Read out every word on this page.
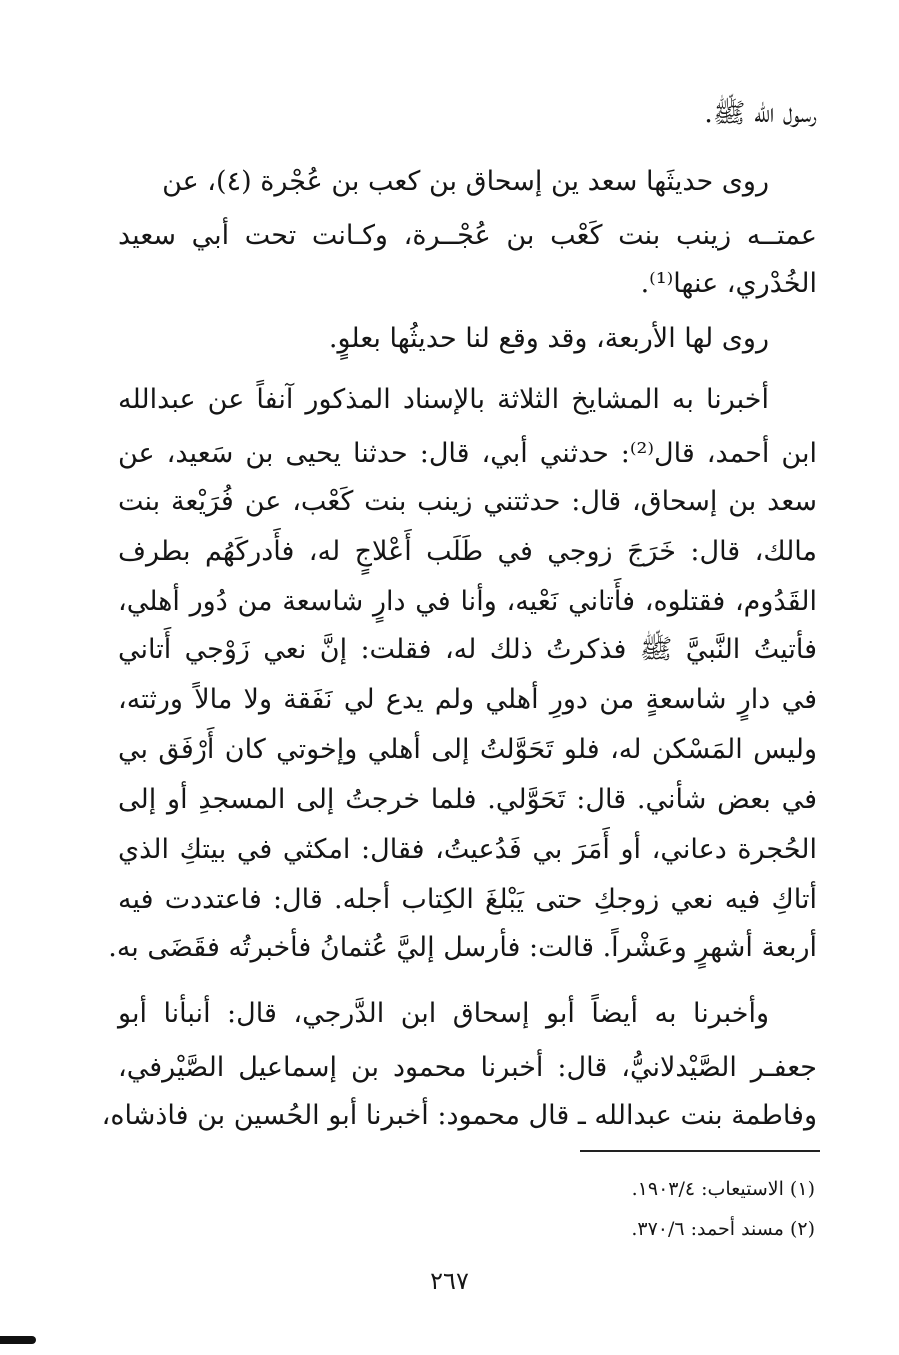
رسول الله ﷺ.
روى حديثَها سعد ين إسحاق بن كعب بن عُجْرة (٤)، عن
عمتــه زينب بنت كَعْب بن عُجْــرة، وكـانت تحت أبي سعيد
الخُدْري، عنها⁽¹⁾.
روى لها الأربعة، وقد وقع لنا حديثُها بعلوٍ.
أخبرنا به المشايخ الثلاثة بالإسناد المذكور آنفاً عن عبدالله
ابن أحمد، قال⁽²⁾: حدثني أبي، قال: حدثنا يحيى بن سَعيد، عن
سعد بن إسحاق، قال: حدثتني زينب بنت كَعْب، عن فُرَيْعة بنت
مالك، قال: خَرَجَ زوجي في طَلَب أَعْلاجٍ له، فأَدركَهُم بطرف
القَدُوم، فقتلوه، فأَتاني نَعْيه، وأنا في دارٍ شاسعة من دُور أهلي،
فأتيتُ النَّبيَّ ﷺ فذكرتُ ذلك له، فقلت: إنَّ نعي زَوْجي أَتاني
في دارٍ شاسعةٍ من دورِ أهلي ولم يدع لي نَفَقة ولا مالاً ورثته،
وليس المَسْكن له، فلو تَحَوَّلتُ إلى أهلي وإخوتي كان أَرْفَق بي
في بعض شأني. قال: تَحَوَّلي. فلما خرجتُ إلى المسجدِ أو إلى
الحُجرة دعاني، أو أَمَرَ بي فَدُعيتُ، فقال: امكثي في بيتكِ الذي
أتاكِ فيه نعي زوجكِ حتى يَبْلغَ الكِتاب أجله. قال: فاعتددت فيه
أربعة أشهرٍ وعَشْراً. قالت: فأرسل إليَّ عُثمانُ فأخبرتُه فقَضَى به.
وأخبرنا به أيضاً أبو إسحاق ابن الدَّرجي، قال: أنبأنا أبو
جعفـر الصَّيْدلانيُّ، قال: أخبرنا محمود بن إسماعيل الصَّيْرفي،
وفاطمة بنت عبدالله ـ قال محمود: أخبرنا أبو الحُسين بن فاذشاه،
(١) الاستيعاب: ١٩٠٣/٤.
(٢) مسند أحمد: ٣٧٠/٦.
٢٦٧
